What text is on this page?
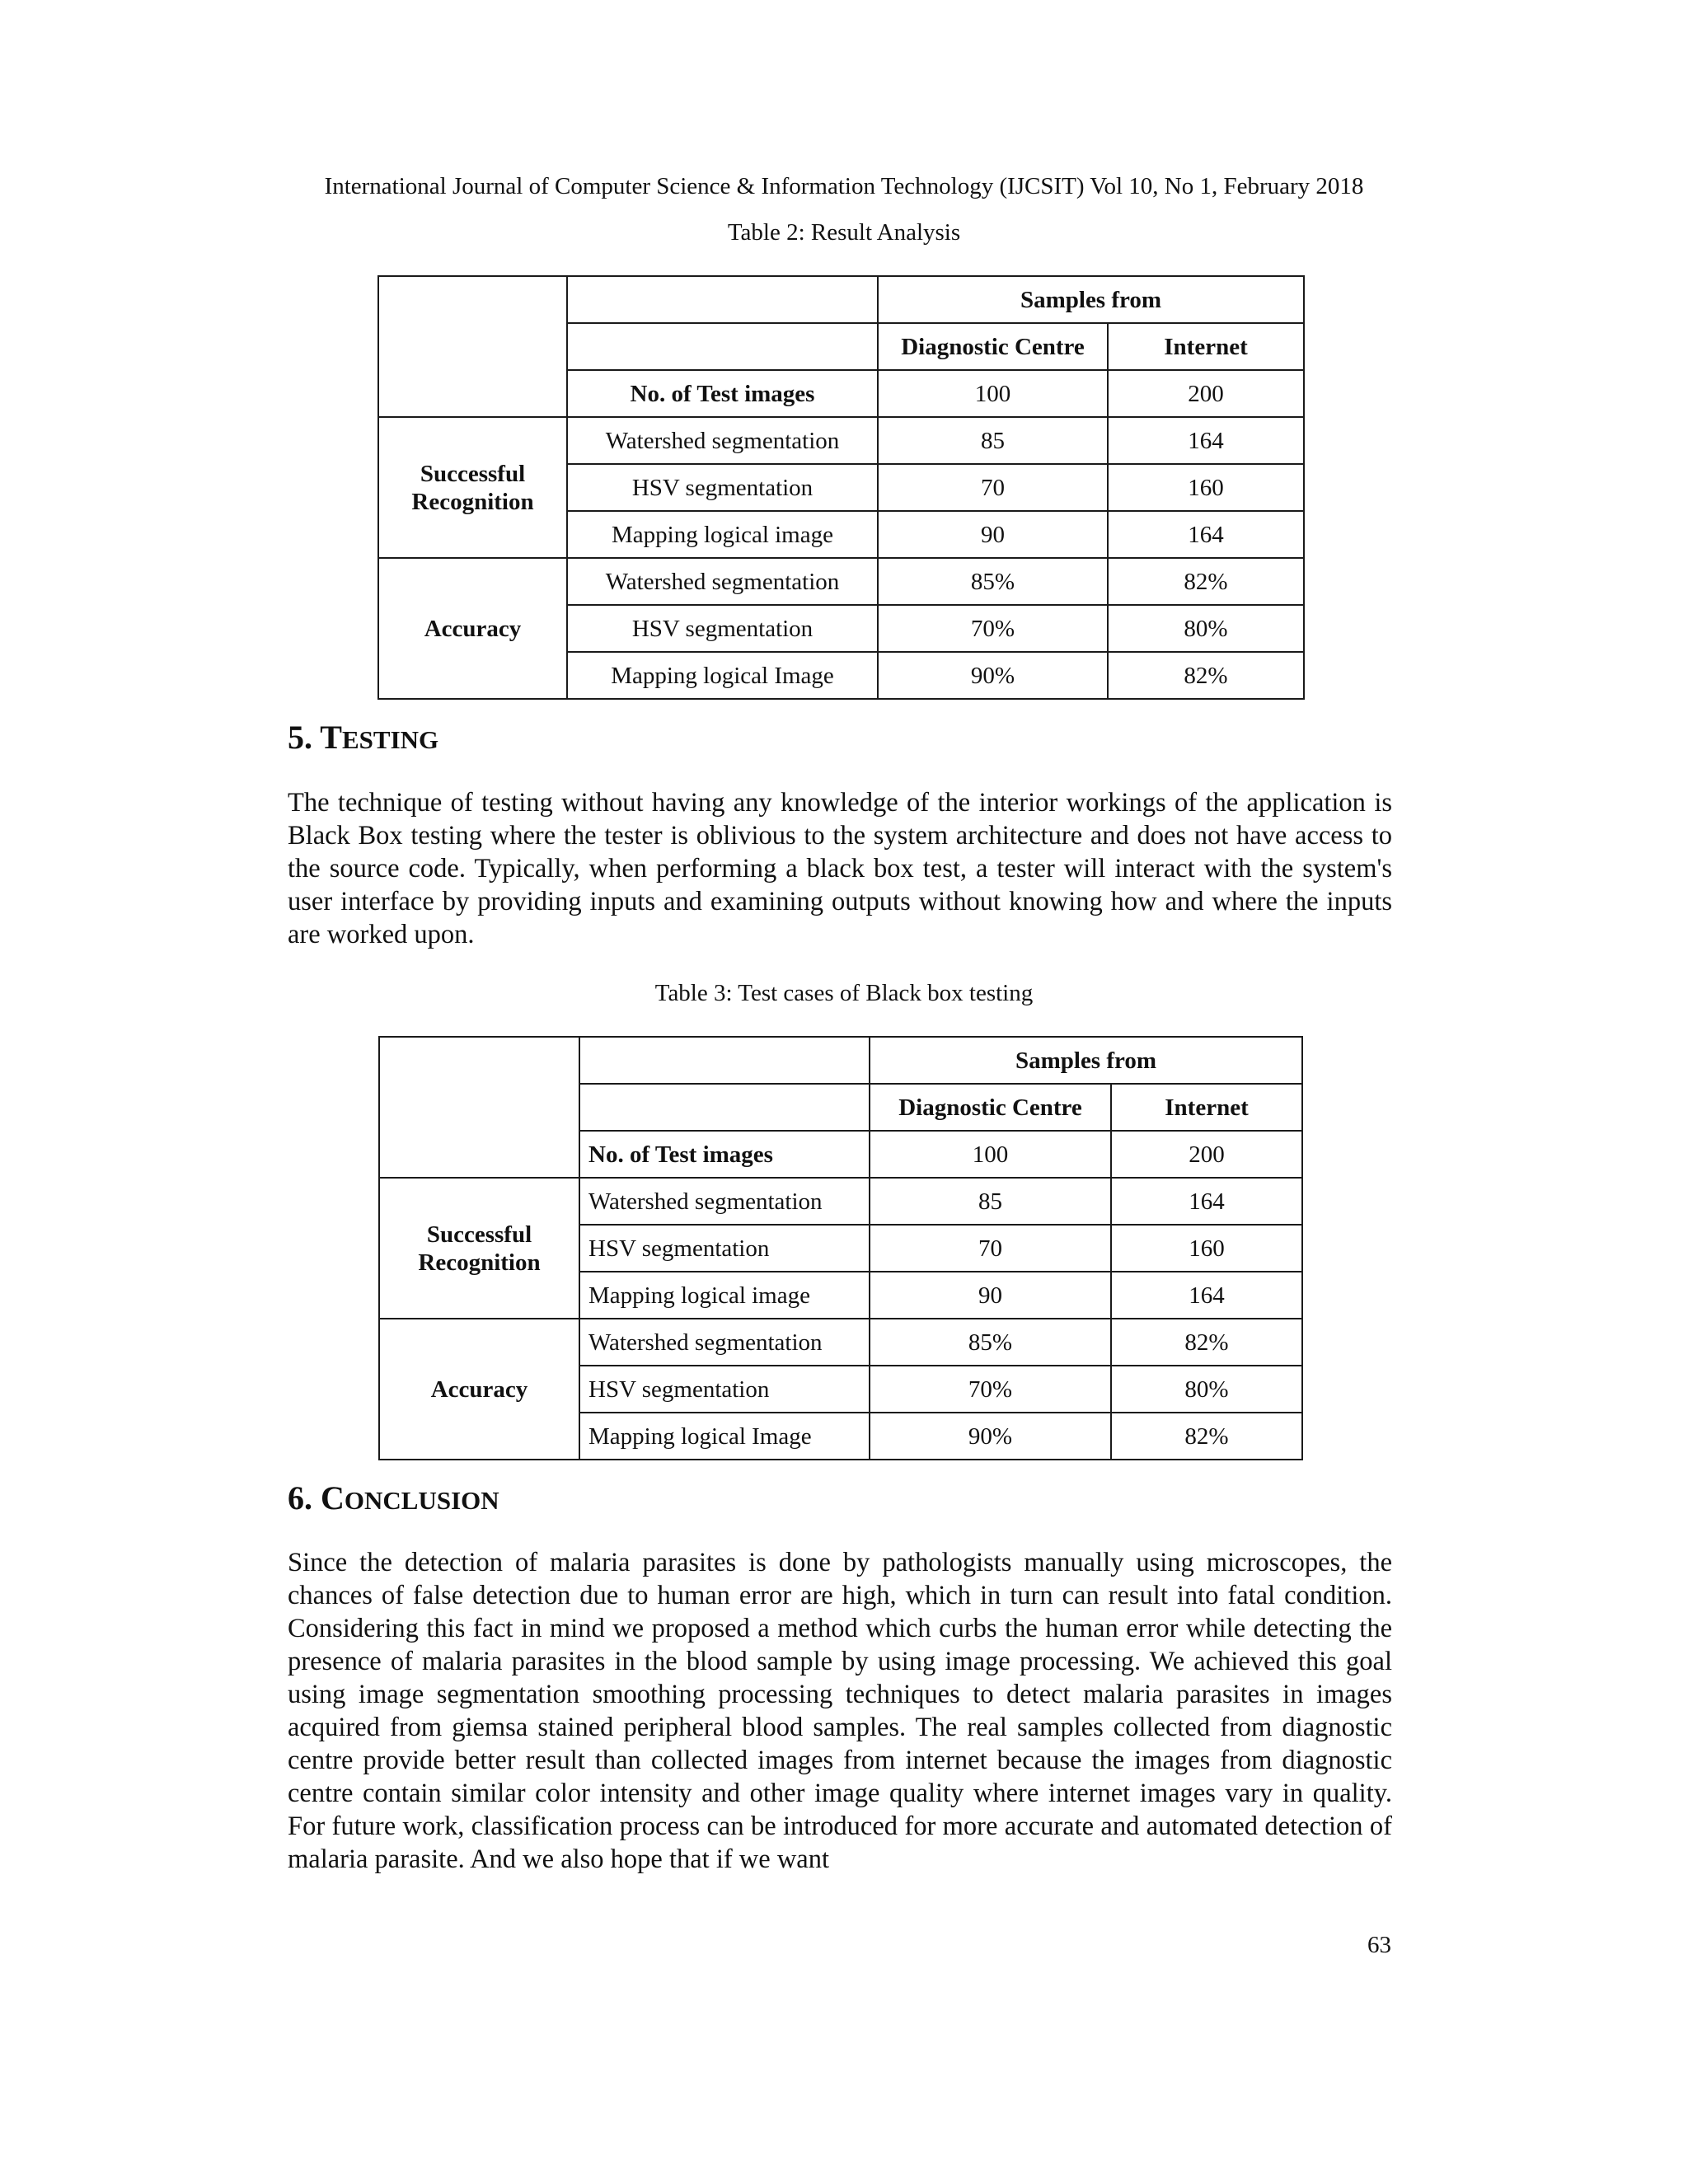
International Journal of Computer Science & Information Technology (IJCSIT) Vol 10, No 1, February 2018
Table 2: Result Analysis
		Samples from	
		Diagnostic Centre	Internet
	No. of Test images	100	200
Successful
Recognition	Watershed segmentation	85	164
	HSV segmentation	70	160
	Mapping logical image	90	164
Accuracy	Watershed segmentation	85%	82%
	HSV segmentation	70%	80%
	Mapping logical Image	90%	82%
5. TESTING
The technique of testing without having any knowledge of the interior workings of the application is Black Box testing where the tester is oblivious to the system architecture and does not have access to the source code. Typically, when performing a black box test, a tester will interact with the system's user interface by providing inputs and examining outputs without knowing how and where the inputs are worked upon.
Table 3: Test cases of Black box testing
		Samples from	
		Diagnostic Centre	Internet
	No. of Test images	100	200
Successful
Recognition	Watershed segmentation	85	164
	HSV segmentation	70	160
	Mapping logical image	90	164
Accuracy	Watershed segmentation	85%	82%
	HSV segmentation	70%	80%
	Mapping logical Image	90%	82%
6. CONCLUSION
Since the detection of malaria parasites is done by pathologists manually using microscopes, the chances of false detection due to human error are high, which in turn can result into fatal condition. Considering this fact in mind we proposed a method which curbs the human error while detecting the presence of malaria parasites in the blood sample by using image processing. We achieved this goal using image segmentation smoothing processing techniques to detect malaria parasites in images acquired from giemsa stained peripheral blood samples. The real samples collected from diagnostic centre provide better result than collected images from internet because the images from diagnostic centre contain similar color intensity and other image quality where internet images vary in quality. For future work, classification process can be introduced for more accurate and automated detection of malaria parasite. And we also hope that if we want
63
